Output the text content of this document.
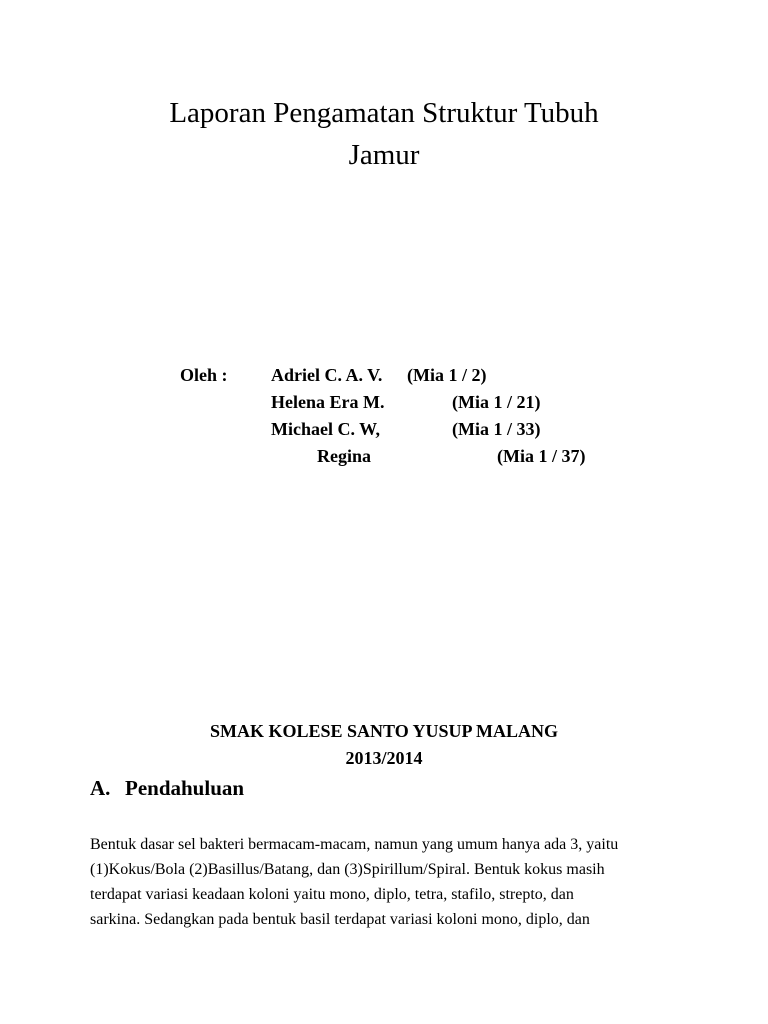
Laporan Pengamatan Struktur Tubuh
Jamur
Oleh : Adriel C. A. V. (Mia 1 / 2)
Helena Era M.	(Mia 1 / 21)
Michael C. W,	(Mia 1 / 33)
Regina	(Mia 1 / 37)
SMAK KOLESE SANTO YUSUP MALANG
2013/2014
A. Pendahuluan
Bentuk dasar sel bakteri bermacam-macam, namun yang umum hanya ada 3, yaitu
(1)Kokus/Bola (2)Basillus/Batang, dan (3)Spirillum/Spiral. Bentuk kokus masih
terdapat variasi keadaan koloni yaitu mono, diplo, tetra, stafilo, strepto, dan
sarkina. Sedangkan pada bentuk basil terdapat variasi koloni mono, diplo, dan
